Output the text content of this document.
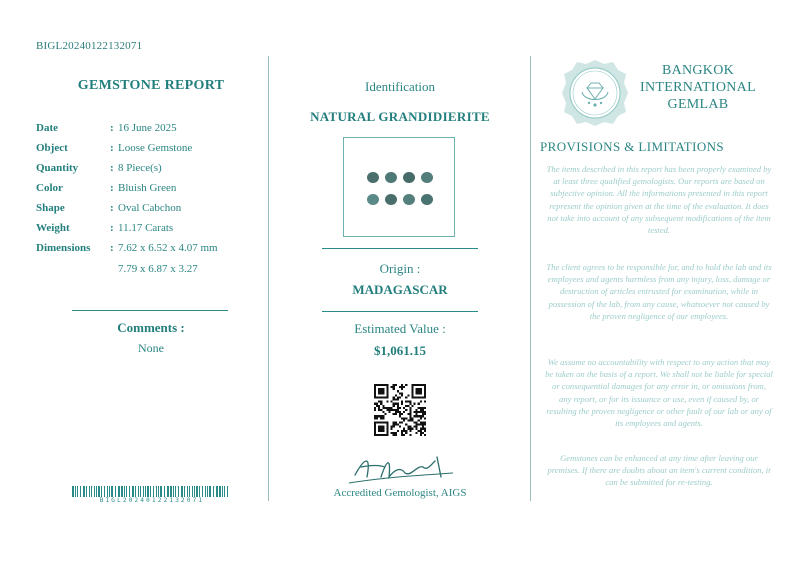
BIGL20240122132071
GEMSTONE REPORT
Date	: 16 June 2025
Object	: Loose Gemstone
Quantity	: 8 Piece(s)
Color	: Bluish Green
Shape	: Oval Cabchon
Weight	: 11.17 Carats
Dimensions	: 7.62 x 6.52 x 4.07 mm
7.79 x 6.87 x 3.27
Comments :
None
BIGL20240122132071
Identification
NATURAL GRANDIDIERITE
Origin :
MADAGASCAR
Estimated Value :
$1,061.15
Accredited Gemologist, AIGS
BANGKOK
INTERNATIONAL
GEMLAB
PROVISIONS & LIMITATIONS
The items described in this report has been properly examined by at least three qualified gemologists. Our reports are based on subjective opinion. All the informations presented in this report represent the opinion given at the time of the evaluation. It does not take into account of any subsequent modifications of the item tested.
The client agrees to be responsible for, and to hold the lab and its employees and agents harmless from any injury, loss, damage or destruction of articles entrusted for examination, while in possession of the lab, from any cause, whatsoever not caused by the proven negligence of our employees.
We assume no accountability with respect to any action that may be taken on the basis of a report. We shall not be liable for special or consequential damages for any error in, or omissions from, any report, or for its issuance or use, even if caused by, or resulting the proven negligence or other fault of our lab or any of its employees and agents.
Gemstones can be enhanced at any time after leaving our premises. If there are doubts about an item's current condition, it can be submitted for re-testing.
